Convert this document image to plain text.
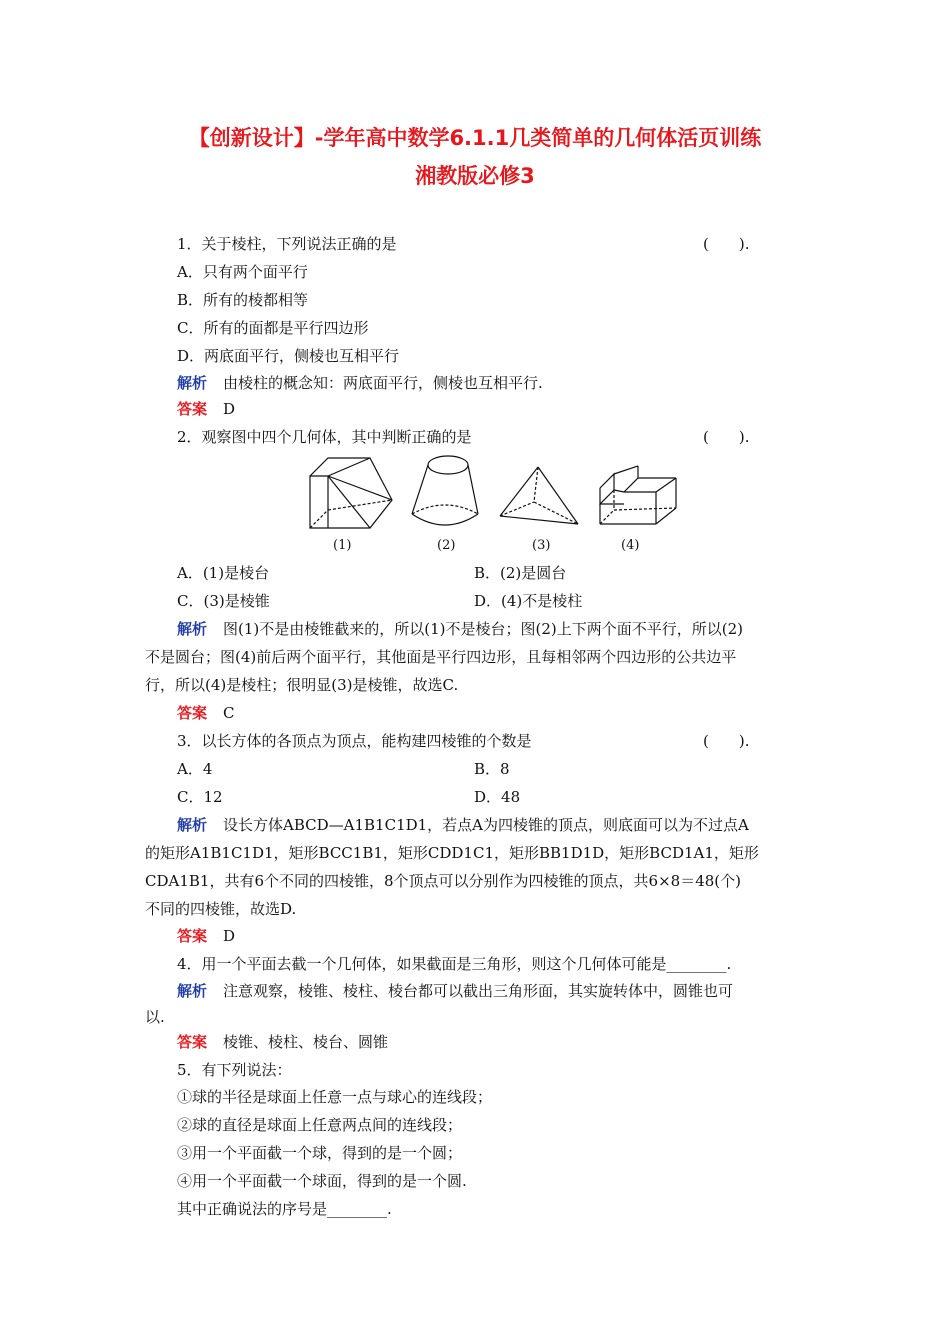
【创新设计】-学年高中数学6.1.1几类简单的几何体活页训练
湘教版必修3
1．关于棱柱，下列说法正确的是	(　　).
A．只有两个面平行
B．所有的棱都相等
C．所有的面都是平行四边形
D．两底面平行，侧棱也互相平行
解析 由棱柱的概念知：两底面平行，侧棱也互相平行.
答案 D
2．观察图中四个几何体，其中判断正确的是	(　　).
(1)	(2)	(3)	(4)
A．(1)是棱台	B．(2)是圆台
C．(3)是棱锥	D．(4)不是棱柱
解析 图(1)不是由棱锥截来的，所以(1)不是棱台；图(2)上下两个面不平行，所以(2)
不是圆台；图(4)前后两个面平行，其他面是平行四边形，且每相邻两个四边形的公共边平
行，所以(4)是棱柱；很明显(3)是棱锥，故选C.
答案 C
3．以长方体的各顶点为顶点，能构建四棱锥的个数是	(　　).
A．4	B．8
C．12	D．48
解析 设长方体ABCD—A1B1C1D1，若点A为四棱锥的顶点，则底面可以为不过点A
的矩形A1B1C1D1，矩形BCC1B1，矩形CDD1C1，矩形BB1D1D，矩形BCD1A1，矩形
CDA1B1，共有6个不同的四棱锥，8个顶点可以分别作为四棱锥的顶点，共6×8＝48(个)
不同的四棱锥，故选D.
答案 D
4．用一个平面去截一个几何体，如果截面是三角形，则这个几何体可能是________.
解析 注意观察，棱锥、棱柱、棱台都可以截出三角形面，其实旋转体中，圆锥也可
以.
答案 棱锥、棱柱、棱台、圆锥
5．有下列说法：
①球的半径是球面上任意一点与球心的连线段；
②球的直径是球面上任意两点间的连线段；
③用一个平面截一个球，得到的是一个圆；
④用一个平面截一个球面，得到的是一个圆.
其中正确说法的序号是________.
